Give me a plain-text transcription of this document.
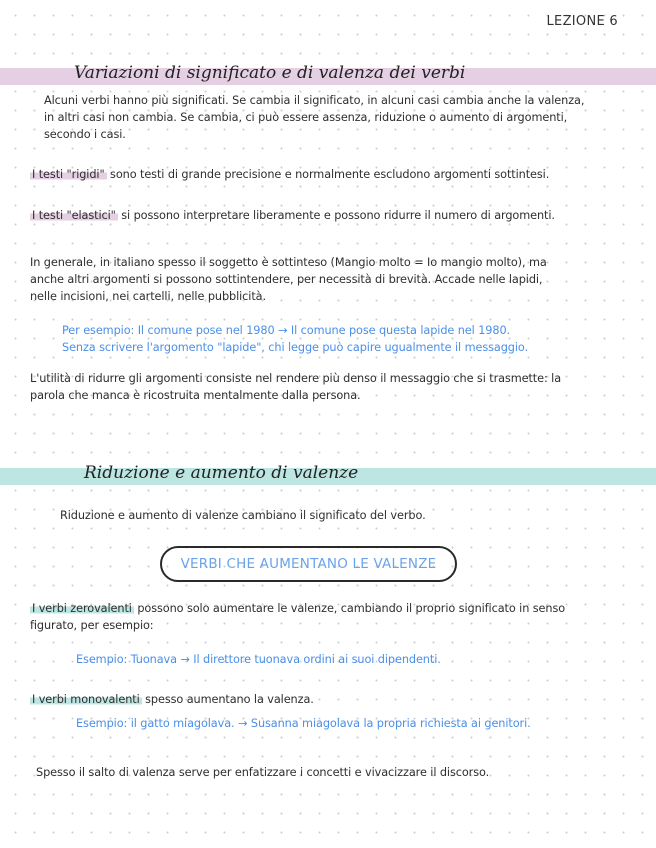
LEZIONE 6
Variazioni di significato e di valenza dei verbi
Alcuni verbi hanno più significati. Se cambia il significato, in alcuni casi cambia anche la valenza,
in altri casi non cambia. Se cambia, ci può essere assenza, riduzione o aumento di argomenti,
secondo i casi.
I testi "rigidi" sono testi di grande precisione e normalmente escludono argomenti sottintesi.
I testi "elastici" si possono interpretare liberamente e possono ridurre il numero di argomenti.
In generale, in italiano spesso il soggetto è sottinteso (Mangio molto = Io mangio molto), ma
anche altri argomenti si possono sottintendere, per necessità di brevità. Accade nelle lapidi,
nelle incisioni, nei cartelli, nelle pubblicità.
Per esempio: Il comune pose nel 1980 → Il comune pose questa lapide nel 1980.
Senza scrivere l'argomento "lapide", chi legge può capire ugualmente il messaggio.
L'utilità di ridurre gli argomenti consiste nel rendere più denso il messaggio che si trasmette: la
parola che manca è ricostruita mentalmente dalla persona.
Riduzione e aumento di valenze
Riduzione e aumento di valenze cambiano il significato del verbo.
VERBI CHE AUMENTANO LE VALENZE
I verbi zerovalenti possono solo aumentare le valenze, cambiando il proprio significato in senso
figurato, per esempio:
Esempio: Tuonava → Il direttore tuonava ordini ai suoi dipendenti.
I verbi monovalenti spesso aumentano la valenza.
Esempio: il gatto miagolava. → Susanna miagolava la propria richiesta ai genitori.
Spesso il salto di valenza serve per enfatizzare i concetti e vivacizzare il discorso.
